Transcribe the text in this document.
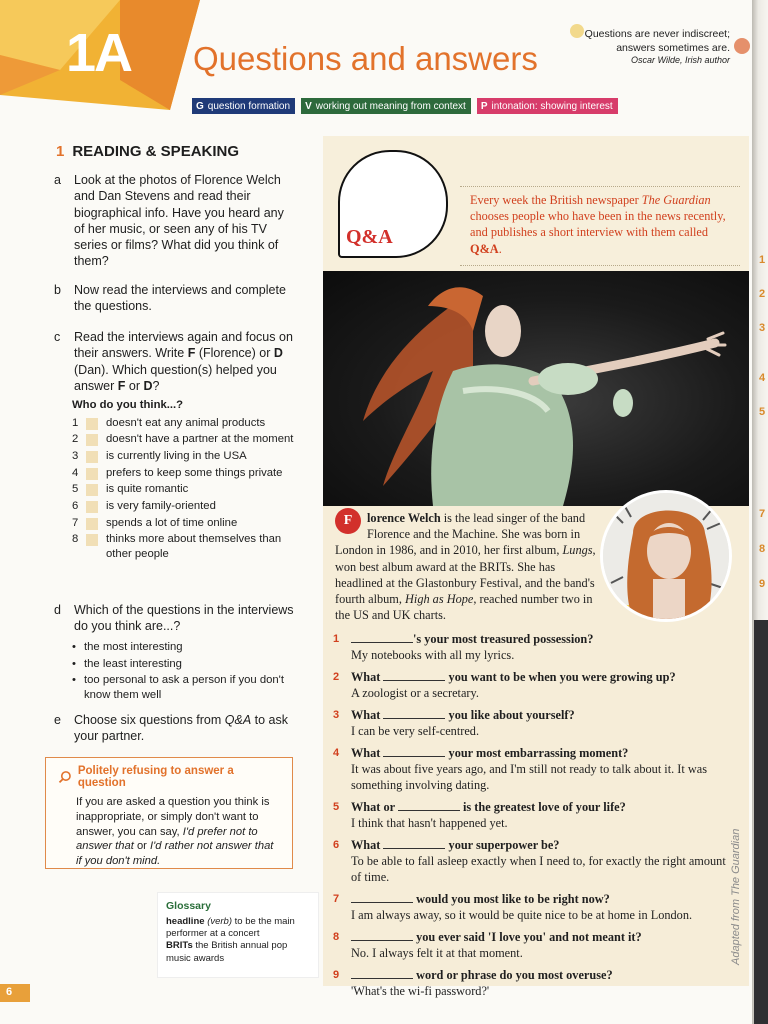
1A Questions and answers
Questions are never indiscreet;
answers sometimes are.
Oscar Wilde, Irish author
G question formation	V working out meaning from context	P intonation: showing interest
1 READING & SPEAKING
a Look at the photos of Florence Welch and Dan Stevens and read their biographical info. Have you heard any of her music, or seen any of his TV series or films? What did you think of them?
b Now read the interviews and complete the questions.
c Read the interviews again and focus on their answers. Write F (Florence) or D (Dan). Which question(s) helped you answer F or D?
Who do you think...?
1 doesn't eat any animal products
2 doesn't have a partner at the moment
3 is currently living in the USA
4 prefers to keep some things private
5 is quite romantic
6 is very family-oriented
7 spends a lot of time online
8 thinks more about themselves than other people
d Which of the questions in the interviews do you think are...?
• the most interesting
• the least interesting
• too personal to ask a person if you don't know them well
e Choose six questions from Q&A to ask your partner.
Politely refusing to answer a question
If you are asked a question you think is inappropriate, or simply don't want to answer, you can say, I'd prefer not to answer that or I'd rather not answer that if you don't mind.
Glossary
headline (verb) to be the main performer at a concert
BRITs the British annual pop music awards
6
Q&A
Every week the British newspaper The Guardian chooses people who have been in the news recently, and publishes a short interview with them called Q&A.
F	lorence Welch is the lead singer of the band Florence and the Machine. She was born in London in 1986, and in 2010, her first album, Lungs, won best album award at the BRITs. She has headlined at the Glastonbury Festival, and the band's fourth album, High as Hope, reached number two in the US and UK charts.
1	's your most treasured possession?
My notebooks with all my lyrics.
2 What	you want to be when you were growing up?
A zoologist or a secretary.
3 What	you like about yourself?
I can be very self-centred.
4 What	your most embarrassing moment?
It was about five years ago, and I'm still not ready to talk about it. It was something involving dating.
5 What or	is the greatest love of your life?
I think that hasn't happened yet.
6 What	your superpower be?
To be able to fall asleep exactly when I need to, for exactly the right amount of time.
7	would you most like to be right now?
I am always away, so it would be quite nice to be at home in London.
8	you ever said 'I love you' and not meant it?
No. I always felt it at that moment.
9	word or phrase do you most overuse?
'What's the wi-fi password?'
Adapted from The Guardian
1
2
3
4
5
7
8
9
